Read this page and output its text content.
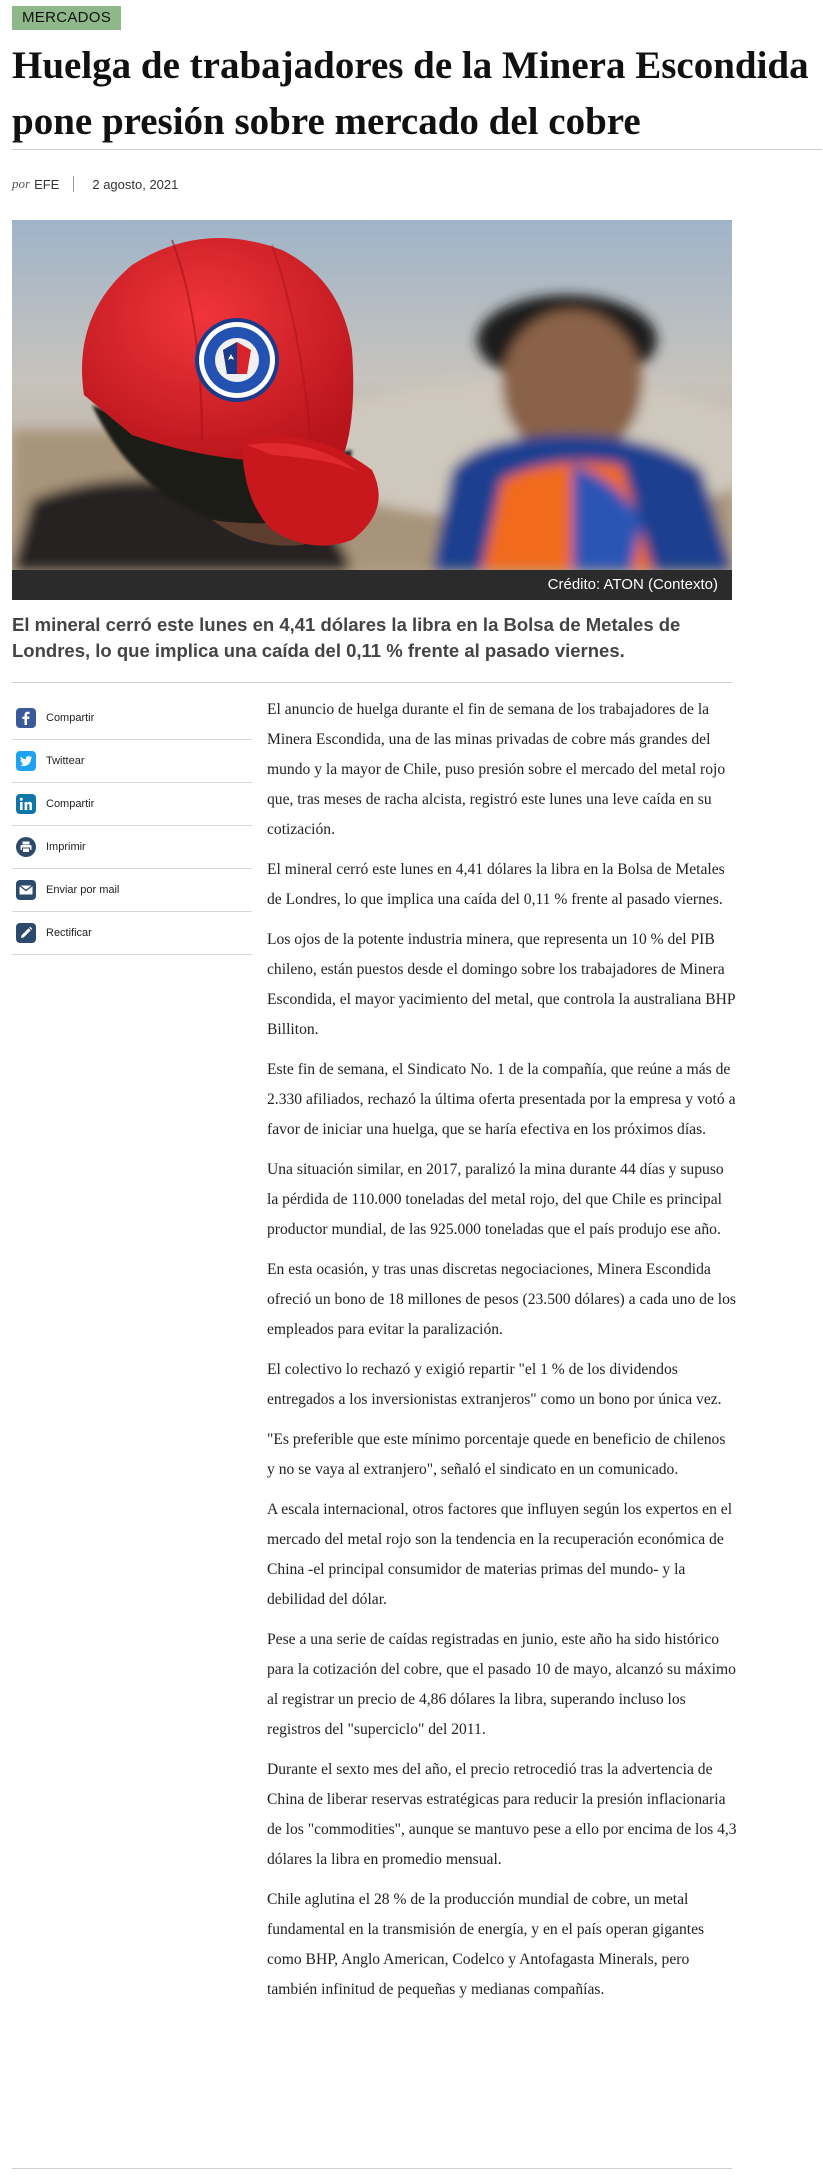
MERCADOS
Huelga de trabajadores de la Minera Escondida pone presión sobre mercado del cobre
por EFE	2 agosto, 2021
Crédito: ATON (Contexto)

El mineral cerró este lunes en 4,41 dólares la libra en la Bolsa de Metales de Londres, lo que implica una caída del 0,11 % frente al pasado viernes.

Compartir
Twittear
Compartir
Imprimir
Enviar por mail
Rectificar

El anuncio de huelga durante el fin de semana de los trabajadores de la Minera Escondida, una de las minas privadas de cobre más grandes del mundo y la mayor de Chile, puso presión sobre el mercado del metal rojo que, tras meses de racha alcista, registró este lunes una leve caída en su cotización.

El mineral cerró este lunes en 4,41 dólares la libra en la Bolsa de Metales de Londres, lo que implica una caída del 0,11 % frente al pasado viernes.

Los ojos de la potente industria minera, que representa un 10 % del PIB chileno, están puestos desde el domingo sobre los trabajadores de Minera Escondida, el mayor yacimiento del metal, que controla la australiana BHP Billiton.

Este fin de semana, el Sindicato No. 1 de la compañía, que reúne a más de 2.330 afiliados, rechazó la última oferta presentada por la empresa y votó a favor de iniciar una huelga, que se haría efectiva en los próximos días.

Una situación similar, en 2017, paralizó la mina durante 44 días y supuso la pérdida de 110.000 toneladas del metal rojo, del que Chile es principal productor mundial, de las 925.000 toneladas que el país produjo ese año.

En esta ocasión, y tras unas discretas negociaciones, Minera Escondida ofreció un bono de 18 millones de pesos (23.500 dólares) a cada uno de los empleados para evitar la paralización.

El colectivo lo rechazó y exigió repartir "el 1 % de los dividendos entregados a los inversionistas extranjeros" como un bono por única vez.

"Es preferible que este mínimo porcentaje quede en beneficio de chilenos y no se vaya al extranjero", señaló el sindicato en un comunicado.

A escala internacional, otros factores que influyen según los expertos en el mercado del metal rojo son la tendencia en la recuperación económica de China -el principal consumidor de materias primas del mundo- y la debilidad del dólar.

Pese a una serie de caídas registradas en junio, este año ha sido histórico para la cotización del cobre, que el pasado 10 de mayo, alcanzó su máximo al registrar un precio de 4,86 dólares la libra, superando incluso los registros del "superciclo" del 2011.

Durante el sexto mes del año, el precio retrocedió tras la advertencia de China de liberar reservas estratégicas para reducir la presión inflacionaria de los "commodities", aunque se mantuvo pese a ello por encima de los 4,3 dólares la libra en promedio mensual.

Chile aglutina el 28 % de la producción mundial de cobre, un metal fundamental en la transmisión de energía, y en el país operan gigantes como BHP, Anglo American, Codelco y Antofagasta Minerals, pero también infinitud de pequeñas y medianas compañías.
